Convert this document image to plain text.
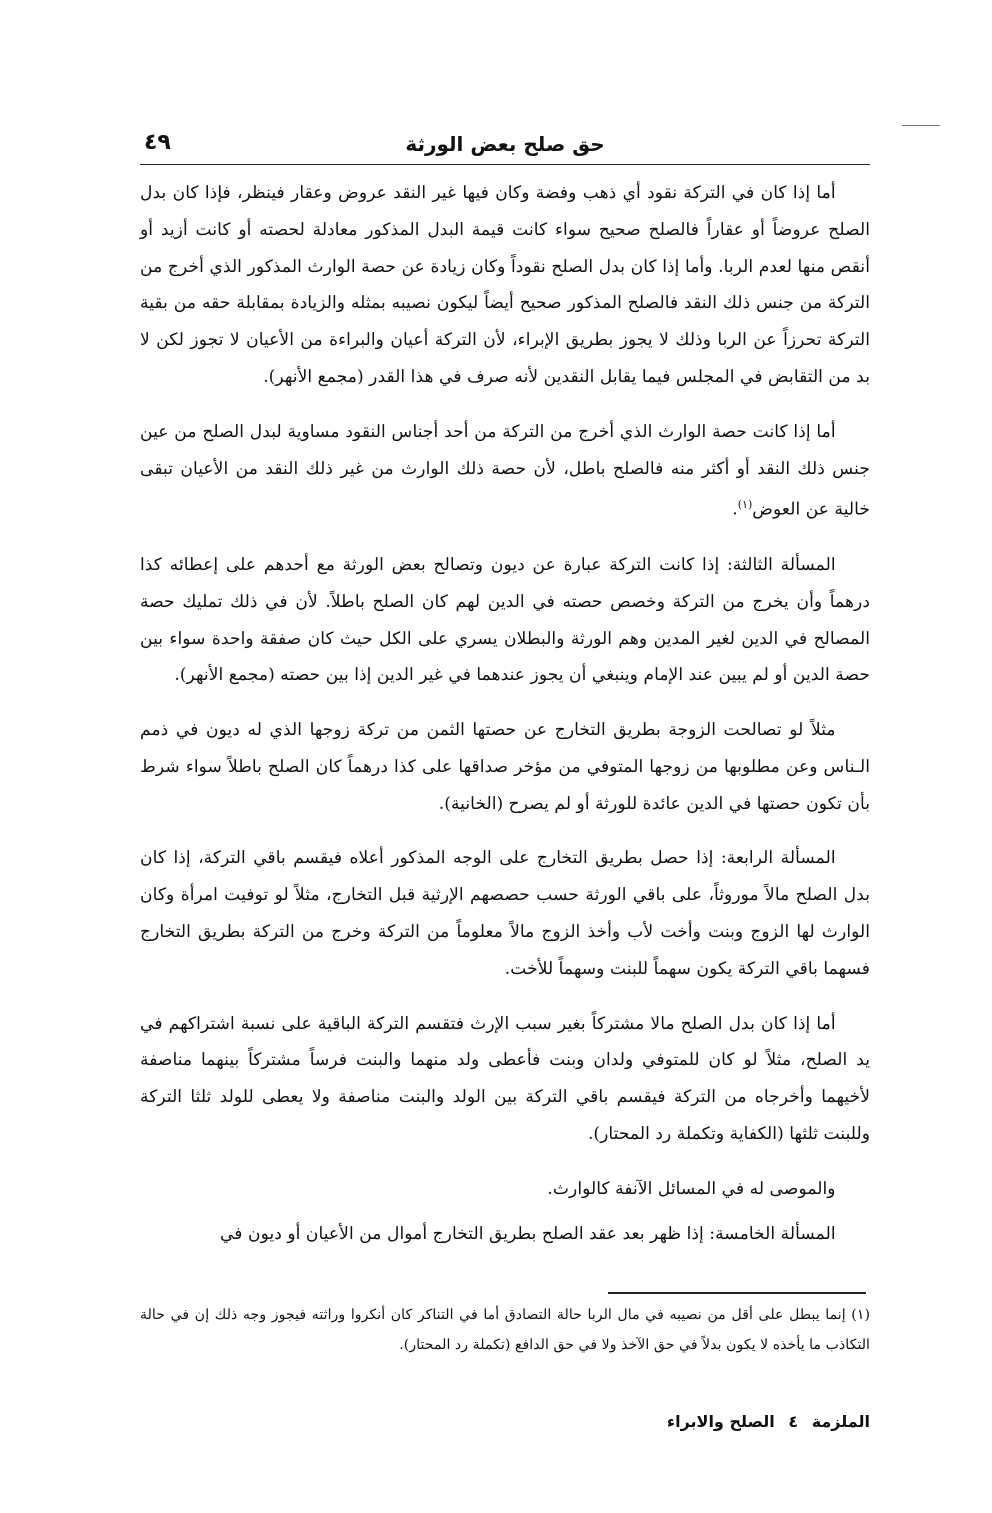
حق صلح بعض الورثة
٤٩

أما إذا كان في التركة نقود أي ذهب وفضة وكان فيها غير النقد عروض وعقار فينظر، فإذا كان بدل الصلح عروضاً أو عقاراً فالصلح صحيح سواء كانت قيمة البدل المذكور معادلة لحصته أو كانت أزيد أو أنقص منها لعدم الربا. وأما إذا كان بدل الصلح نقوداً وكان زيادة عن حصة الوارث المذكور الذي أخرج من التركة من جنس ذلك النقد فالصلح المذكور صحيح أيضاً ليكون نصيبه بمثله والزيادة بمقابلة حقه من بقية التركة تحرزاً عن الربا وذلك لا يجوز بطريق الإبراء، لأن التركة أعيان والبراءة من الأعيان لا تجوز لكن لا بد من التقابض في المجلس فيما يقابل النقدين لأنه صرف في هذا القدر (مجمع الأنهر).

أما إذا كانت حصة الوارث الذي أخرج من التركة من أحد أجناس النقود مساوية لبدل الصلح من عين جنس ذلك النقد أو أكثر منه فالصلح باطل، لأن حصة ذلك الوارث من غير ذلك النقد من الأعيان تبقى خالية عن العوض$^{(١)}$.

المسألة الثالثة: إذا كانت التركة عبارة عن ديون وتصالح بعض الورثة مع أحدهم على إعطائه كذا درهماً وأن يخرج من التركة وخصص حصته في الدين لهم كان الصلح باطلاً. لأن في ذلك تمليك حصة المصالح في الدين لغير المدين وهم الورثة والبطلان يسري على الكل حيث كان صفقة واحدة سواء بين حصة الدين أو لم يبين عند الإمام وينبغي أن يجوز عندهما في غير الدين إذا بين حصته (مجمع الأنهر).

مثلاً لو تصالحت الزوجة بطريق التخارج عن حصتها الثمن من تركة زوجها الذي له ديون في ذمم الـناس وعن مطلوبها من زوجها المتوفي من مؤخر صداقها على كذا درهماً كان الصلح باطلاً سواء شرط بأن تكون حصتها في الدين عائدة للورثة أو لم يصرح (الخانية).

المسألة الرابعة: إذا حصل بطريق التخارج على الوجه المذكور أعلاه فيقسم باقي التركة، إذا كان بدل الصلح مالاً موروثاً، على باقي الورثة حسب حصصهم الإرثية قبل التخارج، مثلاً لو توفيت امرأة وكان الوارث لها الزوج وبنت وأخت لأب وأخذ الزوج مالاً معلوماً من التركة وخرج من التركة بطريق التخارج فسهما باقي التركة يكون سهماً للبنت وسهماً للأخت.

أما إذا كان بدل الصلح مالا مشتركاً بغير سبب الإرث فتقسم التركة الباقية على نسبة اشتراكهم في يد الصلح، مثلاً لو كان للمتوفي ولدان وبنت فأعطى ولد منهما والبنت فرساً مشتركاً بينهما مناصفة لأخيهما وأخرجاه من التركة فيقسم باقي التركة بين الولد والبنت مناصفة ولا يعطى للولد ثلثا التركة وللبنت ثلثها (الكفاية وتكملة رد المحتار).

والموصى له في المسائل الآنفة كالوارث.

المسألة الخامسة: إذا ظهر بعد عقد الصلح بطريق التخارج أموال من الأعيان أو ديون في

(١) إنما يبطل على أقل من نصيبه في مال الربا حالة التصادق أما في التناكر كان أنكروا وراثته فيجوز وجه ذلك إن في حالة التكاذب ما يأخذه لا يكون بدلاً في حق الآخذ ولا في حق الدافع (تكملة رد المحتار).
الملزمة ٤ الصلح والابراء
